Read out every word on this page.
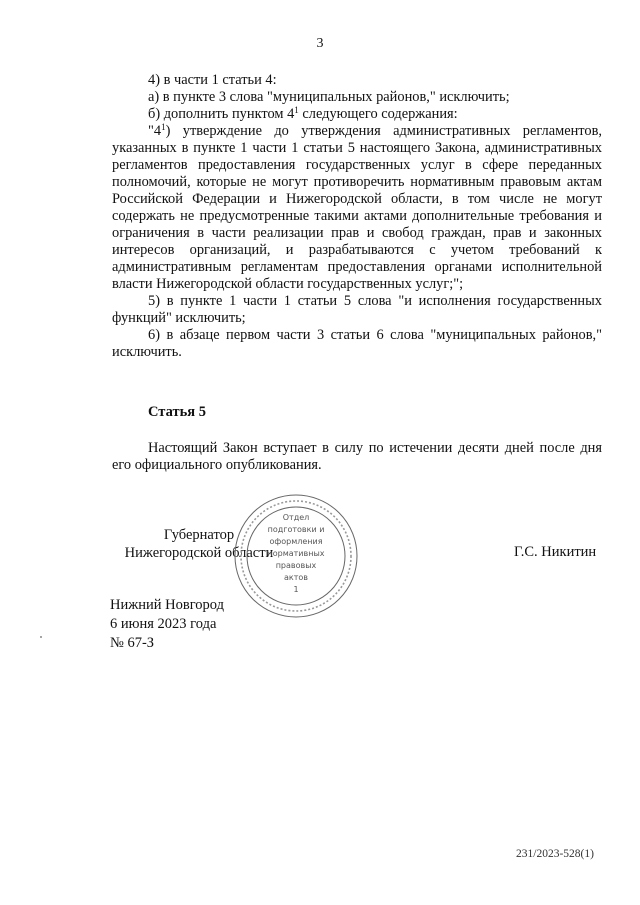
3

4) в части 1 статьи 4:

а) в пункте 3 слова "муниципальных районов," исключить;

б) дополнить пунктом $4^1$ следующего содержания:

"$4^1$) утверждение до утверждения административных регламентов, указанных в пункте 1 части 1 статьи 5 настоящего Закона, административных регламентов предоставления государственных услуг в сфере переданных полномочий, которые не могут противоречить нормативным правовым актам Российской Федерации и Нижегородской области, в том числе не могут содержать не предусмотренные такими актами дополнительные требования и ограничения в части реализации прав и свобод граждан, прав и законных интересов организаций, и разрабатываются с учетом требований к административным регламентам предоставления органами исполнительной власти Нижегородской области государственных услуг;";

5) в пункте 1 части 1 статьи 5 слова "и исполнения государственных функций" исключить;

6) в абзаце первом части 3 статьи 6 слова "муниципальных районов," исключить.

Статья 5

Настоящий Закон вступает в силу по истечении десяти дней после дня его официального опубликования.

Губернатор
Нижегородской области
Отдел
подготовки и
оформления
нормативных
правовых
актов
1
Г.С. Никитин
Нижний Новгород
6 июня 2023 года
№ 67-З
231/2023-528(1)
